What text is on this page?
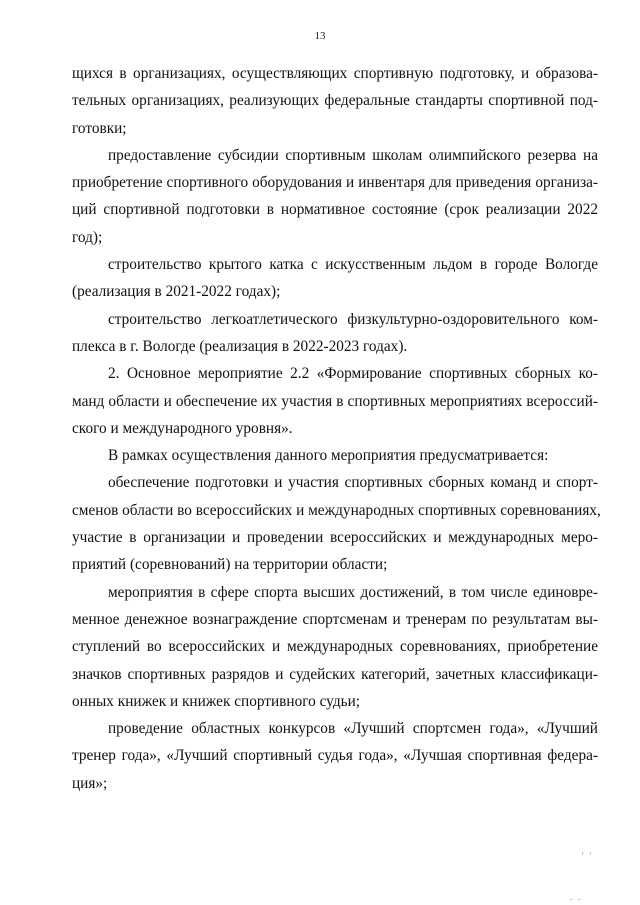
13
щихся в организациях, осуществляющих спортивную подготовку, и образова-
тельных организациях, реализующих федеральные стандарты спортивной под-
готовки;
предоставление субсидии спортивным школам олимпийского резерва на
приобретение спортивного оборудования и инвентаря для приведения организа-
ций спортивной подготовки в нормативное состояние (срок реализации 2022
год);
строительство крытого катка с искусственным льдом в городе Вологде
(реализация в 2021-2022 годах);
строительство легкоатлетического физкультурно-оздоровительного ком-
плекса в г. Вологде (реализация в 2022-2023 годах).
2. Основное мероприятие 2.2 «Формирование спортивных сборных ко-
манд области и обеспечение их участия в спортивных мероприятиях всероссий-
ского и международного уровня».
В рамках осуществления данного мероприятия предусматривается:
обеспечение подготовки и участия спортивных сборных команд и спорт-
сменов области во всероссийских и международных спортивных соревнованиях,
участие в организации и проведении всероссийских и международных меро-
приятий (соревнований) на территории области;
мероприятия в сфере спорта высших достижений, в том числе единовре-
менное денежное вознаграждение спортсменам и тренерам по результатам вы-
ступлений во всероссийских и международных соревнованиях, приобретение
значков спортивных разрядов и судейских категорий, зачетных классификаци-
онных книжек и книжек спортивного судьи;
проведение областных конкурсов «Лучший спортсмен года», «Лучший
тренер года», «Лучший спортивный судья года», «Лучшая спортивная федера-
ция»;
' '
. .
